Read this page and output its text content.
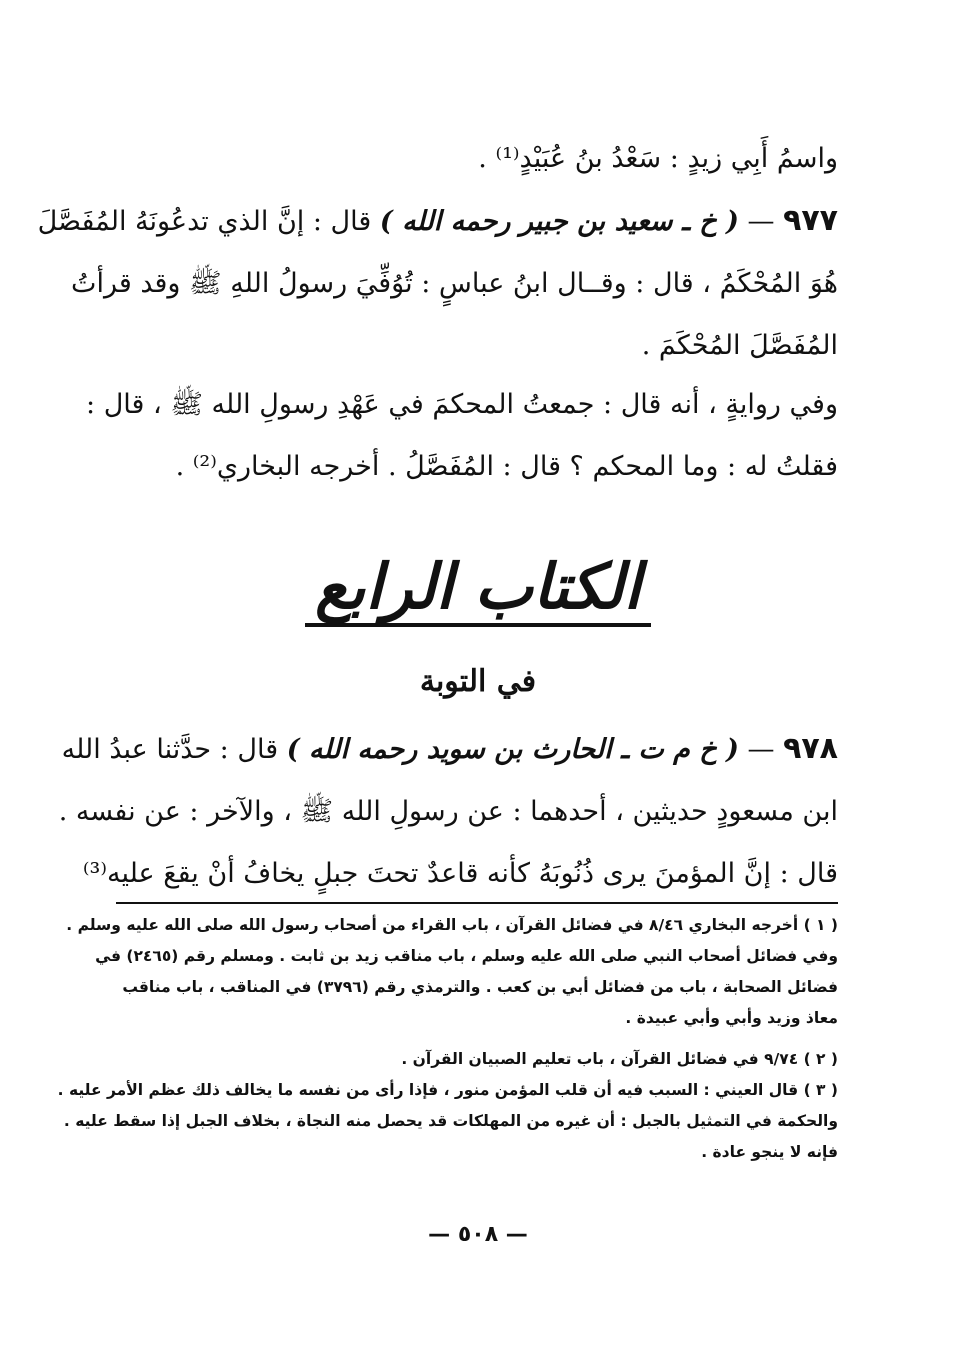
واسمُ أَبِي زيدٍ : سَعْدُ بنُ عُبَيْدٍ⁽¹⁾ .
٩٧٧ — ( خ ـ سعيد بن جبير رحمه الله ) قال : إنَّ الذي تدعُونَهُ المُفَصَّلَ
هُوَ المُحْكَمُ ، قال : وقــال ابنُ عباسٍ : تُوُفِّيَ رسولُ اللهِ ﷺ وقد قرأتُ
المُفَصَّلَ المُحْكَمَ .
وفي روايةٍ ، أنه قال : جمعتُ المحكمَ في عَهْدِ رسولِ الله ﷺ ، قال :
فقلتُ له : وما المحكم ؟ قال : المُفَصَّلُ . أخرجه البخاري⁽²⁾ .
الكتاب الرابع
في التوبة
٩٧٨ — ( خ م ت ـ الحارث بن سويد رحمه الله ) قال : حدَّثنا عبدُ الله
ابن مسعودٍ حديثين ، أحدهما : عن رسولِ الله ﷺ ، والآخر : عن نفسه .
قال : إنَّ المؤمنَ يرى ذُنُوبَهُ كأنه قاعدٌ تحتَ جبلٍ يخافُ أنْ يقعَ عليه⁽³⁾
( ١ ) أخرجه البخاري ٨/٤٦ في فضائل القرآن ، باب القراء من أصحاب رسول الله صلى الله عليه وسلم .
وفي فضائل أصحاب النبي صلى الله عليه وسلم ، باب مناقب زيد بن ثابت . ومسلم رقم (٢٤٦٥) في
فضائل الصحابة ، باب من فضائل أبي بن كعب . والترمذي رقم (٣٧٩٦) في المناقب ، باب مناقب
معاذ وزيد وأبي وأبي عبيدة .
( ٢ ) ٩/٧٤ في فضائل القرآن ، باب تعليم الصبيان القرآن .
( ٣ ) قال العيني : السبب فيه أن قلب المؤمن منور ، فإذا رأى من نفسه ما يخالف ذلك عظم الأمر عليه .
والحكمة في التمثيل بالجبل : أن غيره من المهلكات قد يحصل منه النجاة ، بخلاف الجبل إذا سقط عليه .
فإنه لا ينجو عادة .
— ٥٠٨ —
